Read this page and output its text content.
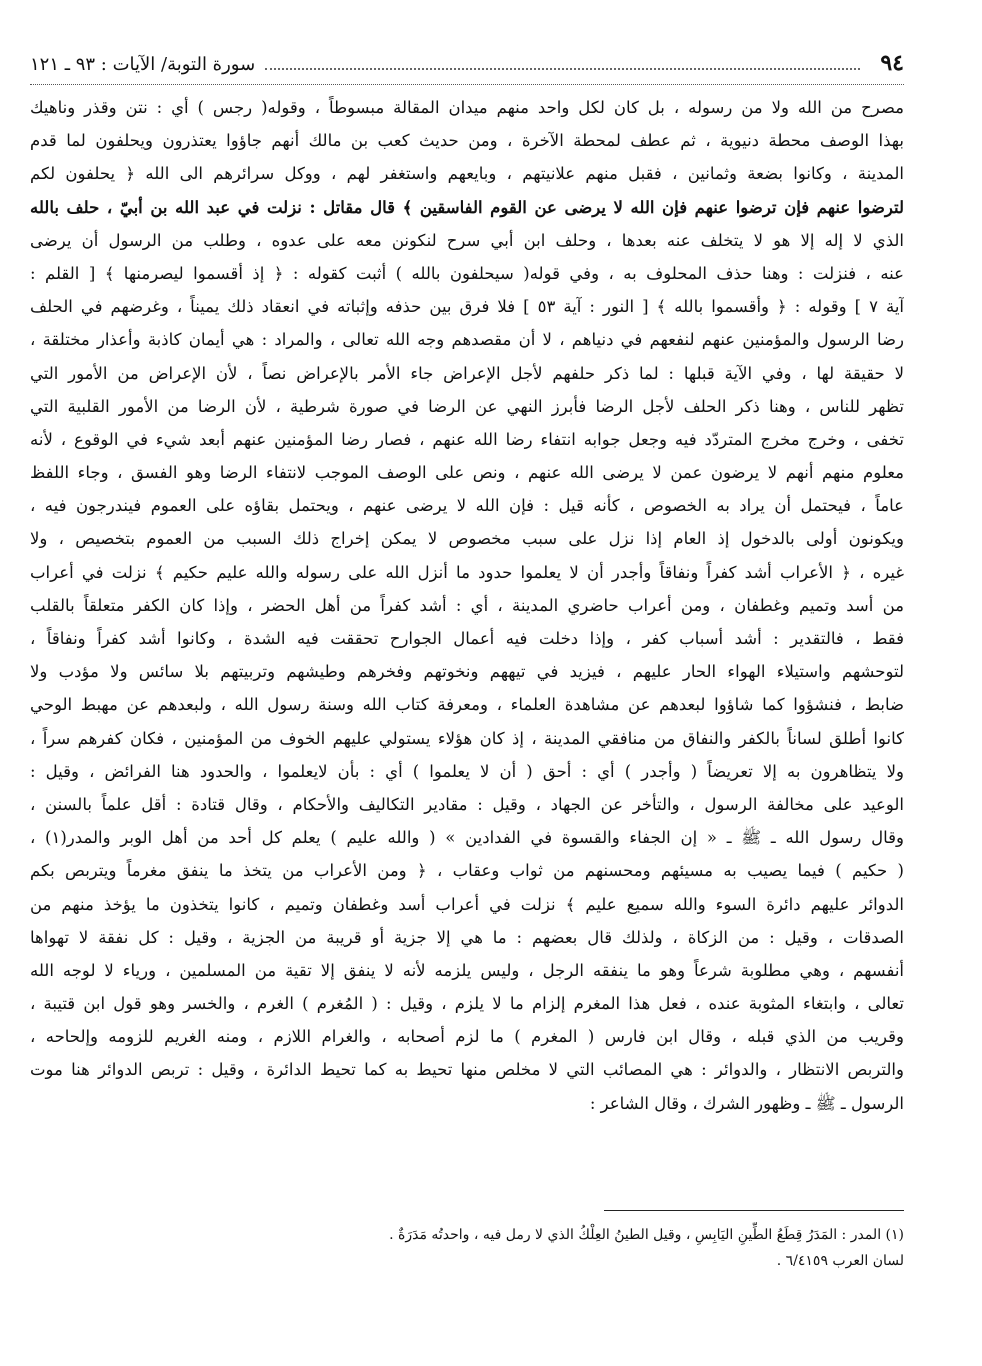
٩٤
سورة التوبة/ الآيات : ٩٣ ـ ١٢١
مصرح من الله ولا من رسوله ، بل كان لكل واحد منهم ميدان المقالة مبسوطاً ، وقوله( رجس ) أي : نتن وقذر وناهيك
بهذا الوصف محطة دنيوية ، ثم عطف لمحطة الآخرة ، ومن حديث كعب بن مالك أنهم جاؤوا يعتذرون ويحلفون لما قدم
المدينة ، وكانوا بضعة وثمانين ، فقبل منهم علانيتهم ، وبايعهم واستغفر لهم ، ووكل سرائرهم الى الله ﴿ يحلفون لكم
لترضوا عنهم فإن ترضوا عنهم فإن الله لا يرضى عن القوم الفاسقين ﴾ قال مقاتل : نزلت في عبد الله بن أبيّ ، حلف بالله
الذي لا إله إلا هو لا يتخلف عنه بعدها ، وحلف ابن أبي سرح لنكونن معه على عدوه ، وطلب من الرسول أن يرضى
عنه ، فنزلت : وهنا حذف المحلوف به ، وفي قوله( سيحلفون بالله ) أثبت كقوله : ﴿ إذ أقسموا ليصرمنها ﴾ [ القلم :
آية ٧ ] وقوله : ﴿ وأقسموا بالله ﴾ [ النور : آية ٥٣ ] فلا فرق بين حذفه وإثباته في انعقاد ذلك يميناً ، وغرضهم في الحلف
رضا الرسول والمؤمنين عنهم لنفعهم في دنياهم ، لا أن مقصدهم وجه الله تعالى ، والمراد : هي أيمان كاذبة وأعذار مختلقة ،
لا حقيقة لها ، وفي الآية قبلها : لما ذكر حلفهم لأجل الإعراض جاء الأمر بالإعراض نصاً ، لأن الإعراض من الأمور التي
تظهر للناس ، وهنا ذكر الحلف لأجل الرضا فأبرز النهي عن الرضا في صورة شرطية ، لأن الرضا من الأمور القلبية التي
تخفى ، وخرج مخرج المتردّد فيه وجعل جوابه انتفاء رضا الله عنهم ، فصار رضا المؤمنين عنهم أبعد شيء في الوقوع ، لأنه
معلوم منهم أنهم لا يرضون عمن لا يرضى الله عنهم ، ونص على الوصف الموجب لانتفاء الرضا وهو الفسق ، وجاء اللفظ
عاماً ، فيحتمل أن يراد به الخصوص ، كأنه قيل : فإن الله لا يرضى عنهم ، ويحتمل بقاؤه على العموم فيندرجون فيه ،
ويكونون أولى بالدخول إذ العام إذا نزل على سبب مخصوص لا يمكن إخراج ذلك السبب من العموم بتخصيص ، ولا
غيره ، ﴿ الأعراب أشد كفراً ونفاقاً وأجدر أن لا يعلموا حدود ما أنزل الله على رسوله والله عليم حكيم ﴾ نزلت في أعراب
من أسد وتميم وغطفان ، ومن أعراب حاضري المدينة ، أي : أشد كفراً من أهل الحضر ، وإذا كان الكفر متعلقاً بالقلب
فقط ، فالتقدير : أشد أسباب كفر ، وإذا دخلت فيه أعمال الجوارح تحققت فيه الشدة ، وكانوا أشد كفراً ونفاقاً ،
لتوحشهم واستيلاء الهواء الحار عليهم ، فيزيد في تيههم ونخوتهم وفخرهم وطيشهم وتربيتهم بلا سائس ولا مؤدب ولا
ضابط ، فنشؤوا كما شاؤوا لبعدهم عن مشاهدة العلماء ، ومعرفة كتاب الله وسنة رسول الله ، ولبعدهم عن مهبط الوحي
كانوا أطلق لساناً بالكفر والنفاق من منافقي المدينة ، إذ كان هؤلاء يستولي عليهم الخوف من المؤمنين ، فكان كفرهم سراً ،
ولا يتظاهرون به إلا تعريضاً ( وأجدر ) أي : أحق ( أن لا يعلموا ) أي : بأن لايعلموا ، والحدود هنا الفرائض ، وقيل :
الوعيد على مخالفة الرسول ، والتأخر عن الجهاد ، وقيل : مقادير التكاليف والأحكام ، وقال قتادة : أقل علماً بالسنن ،
وقال رسول الله ـ ﷺ ـ « إن الجفاء والقسوة في الفدادين » ( والله عليم ) يعلم كل أحد من أهل الوبر والمدر(١) ،
( حكيم ) فيما يصيب به مسيئهم ومحسنهم من ثواب وعقاب ، ﴿ ومن الأعراب من يتخذ ما ينفق مغرماً ويتربص بكم
الدوائر عليهم دائرة السوء والله سميع عليم ﴾ نزلت في أعراب أسد وغطفان وتميم ، كانوا يتخذون ما يؤخذ منهم من
الصدقات ، وقيل : من الزكاة ، ولذلك قال بعضهم : ما هي إلا جزية أو قريبة من الجزية ، وقيل : كل نفقة لا تهواها
أنفسهم ، وهي مطلوبة شرعاً وهو ما ينفقه الرجل ، وليس يلزمه لأنه لا ينفق إلا تقية من المسلمين ، ورياء لا لوجه الله
تعالى ، وابتغاء المثوبة عنده ، فعل هذا المغرم إلزام ما لا يلزم ، وقيل : ( المُغرم ) الغرم ، والخسر وهو قول ابن قتيبة ،
وقريب من الذي قبله ، وقال ابن فارس ( المغرم ) ما لزم أصحابه ، والغرام اللازم ، ومنه الغريم للزومه وإلحاحه ،
والتربص الانتظار ، والدوائر : هي المصائب التي لا مخلص منها تحيط به كما تحيط الدائرة ، وقيل : تربص الدوائر هنا موت
الرسول ـ ﷺ ـ وظهور الشرك ، وقال الشاعر :
(١) المدر : المَدَرُ قِطَعُ الطِّينِ اليَابِسِ ، وقيل الطينُ العِلْكُ الذي لا رمل فيه ، واحدتُه مَدَرَةٌ .
لسان العرب ٦/٤١٥٩ .
